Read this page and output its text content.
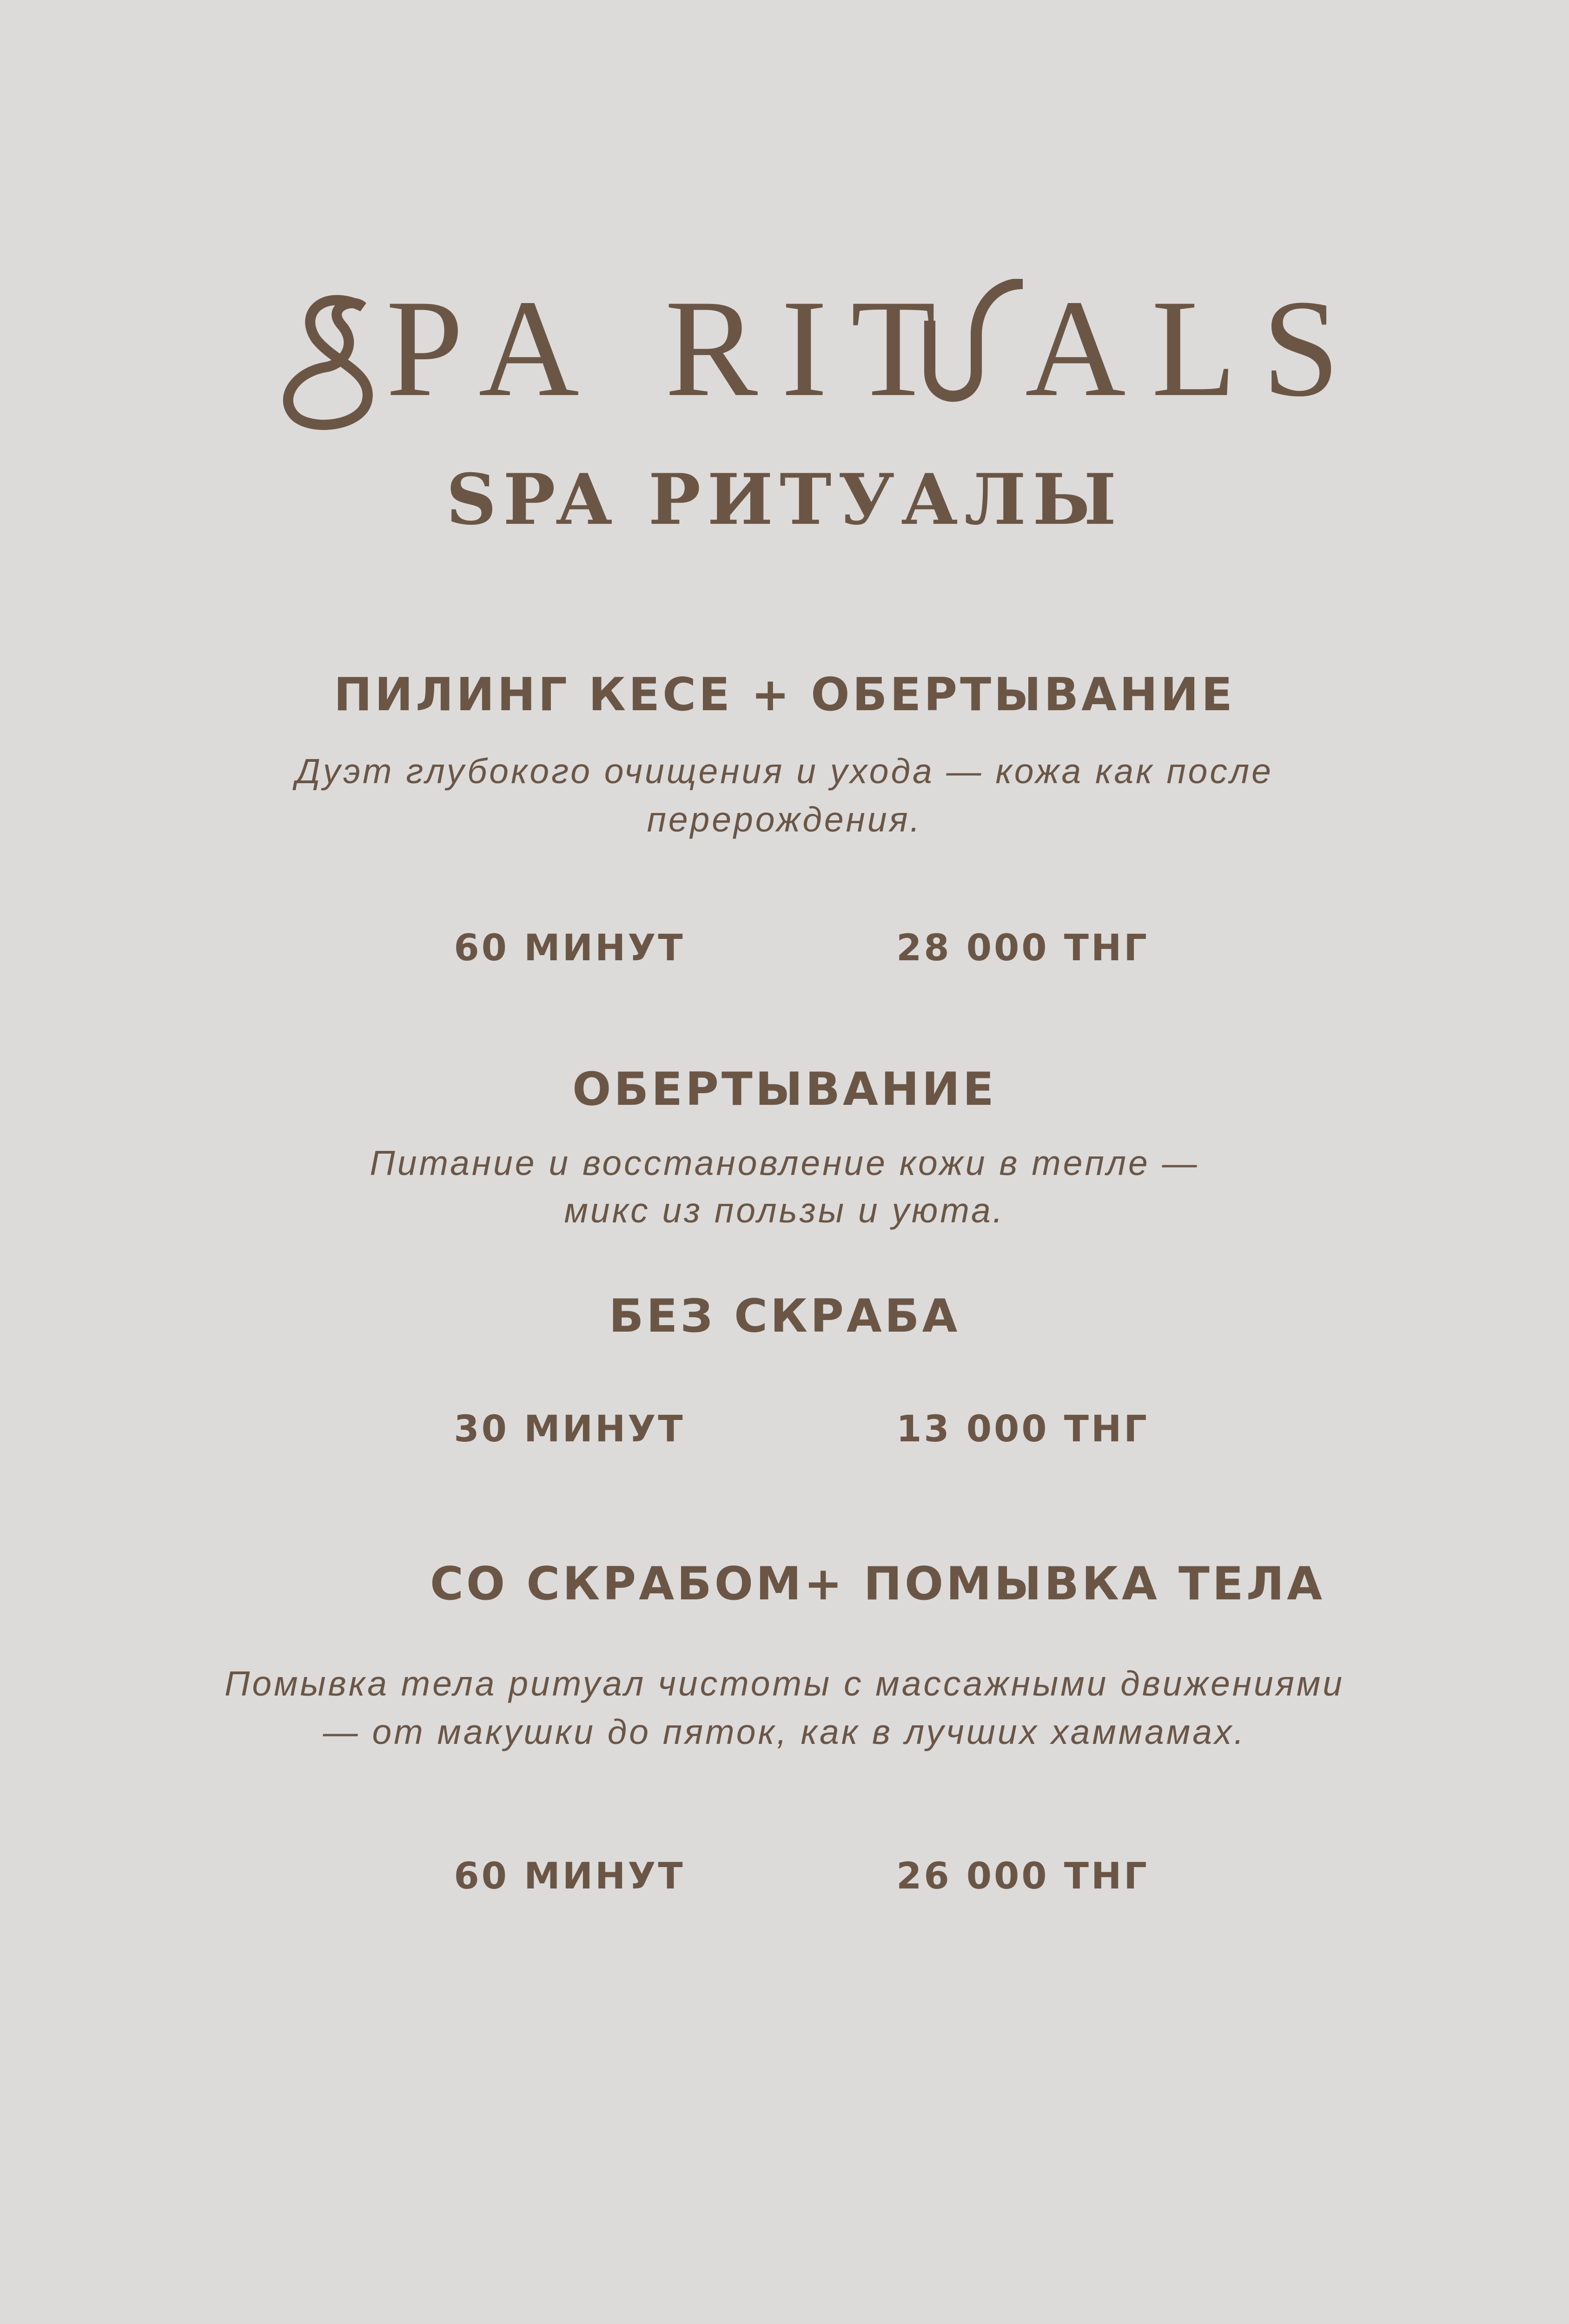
PA RIT ALS
SPA РИТУАЛЫ
ПИЛИНГ КЕСЕ + ОБЕРТЫВАНИЕ
Дуэт глубокого очищения и ухода — кожа как после
перерождения.
60 МИНУТ	28 000 ТНГ
ОБЕРТЫВАНИЕ
Питание и восстановление кожи в тепле —
микс из пользы и уюта.
БЕЗ СКРАБА
30 МИНУТ	13 000 ТНГ
СО СКРАБОМ+ ПОМЫВКА ТЕЛА
Помывка тела ритуал чистоты с массажными движениями
— от макушки до пяток, как в лучших хаммамах.
60 МИНУТ	26 000 ТНГ
